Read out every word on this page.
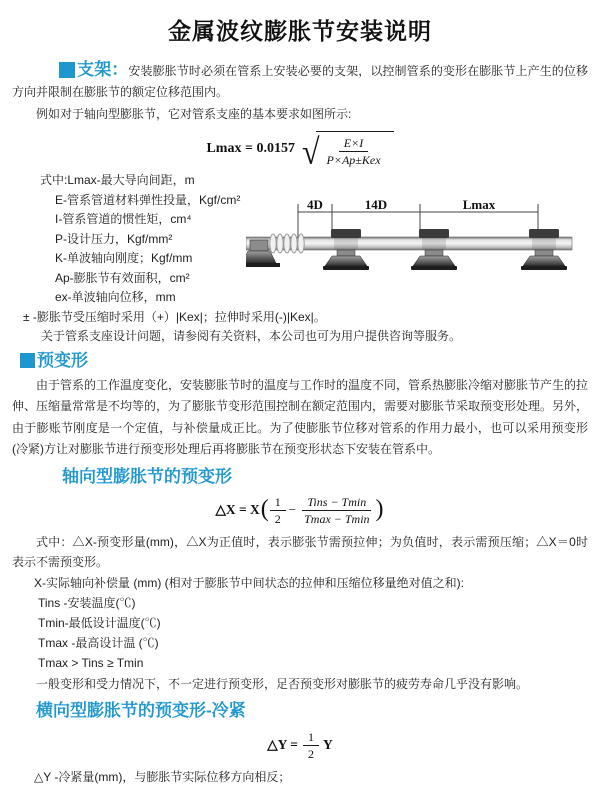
金属波纹膨胀节安装说明

支架：安装膨胀节时必须在管系上安装必要的支架，以控制管系的变形在膨胀节上产生的位移方向并限制在膨胀节的额定位移范围内。

例如对于轴向型膨胀节，它对管系支座的基本要求如图所示:

Lmax = 0.0157 √ $\frac{E\times I}{\text{P×Ap±Kex}}$
式中:Lmax-最大导向间距，m
E-管系管道材料弹性投量，Kgf/cm²
I-管系管道的惯性矩，cm⁴
P-设计压力，Kgf/mm²
K-单波轴向刚度；Kgf/mm
Ap-膨胀节有效面积，cm²
ex-单波轴向位移，mm
± -膨胀节受压缩时采用（+）|Kex|；拉伸时采用(-)|Kex|。
关于管系支座设计问题，请参阅有关资料，本公司也可为用户提供咨询等服务。
4D	14D	Lmax
预变形

由于管系的工作温度变化，安装膨胀节时的温度与工作时的温度不同，管系热膨胀冷缩对膨胀节产生的拉伸、压缩量常常是不均等的，为了膨胀节变形范围控制在额定范围内，需要对膨胀节采取预变形处理。另外，由于膨账节刚度是一个定值，与补偿量成正比。为了使膨胀节位移对管系的作用力最小，也可以采用预变形(冷紧)方让对膨胀节进行预变形处理后再将膨胀节在预变形状态下安装在管系中。

轴向型膨胀节的预变形
△X = X ( $\frac{1}{2} - \frac{\text{Tins − Tmin}}{Tmax - Tmin}$ )

式中：△X-预变形量(mm)，△X为正值时，表示膨张节需预拉伸；为负值时，表示需预压缩；△X＝0时表示不需预变形。

X-实际轴向补偿量 (mm) (相对于膨胀节中间状态的拉伸和压缩位移量绝对值之和):
Tins -安装温度(℃)
Tmin-最低设计温度(℃)
Tmax -最高设计温 (℃)
Tmax > Tins ≥ Tmin

一般变形和受力情况下，不一定进行预变形，足否预变形对膨胀节的疲劳寿命几乎没有影响。

横向型膨胀节的预变形-冷紧
△Y = $\frac{1}{2}$ Y
△Y -冷紧量(mm)，与膨胀节实际位移方向相反；
